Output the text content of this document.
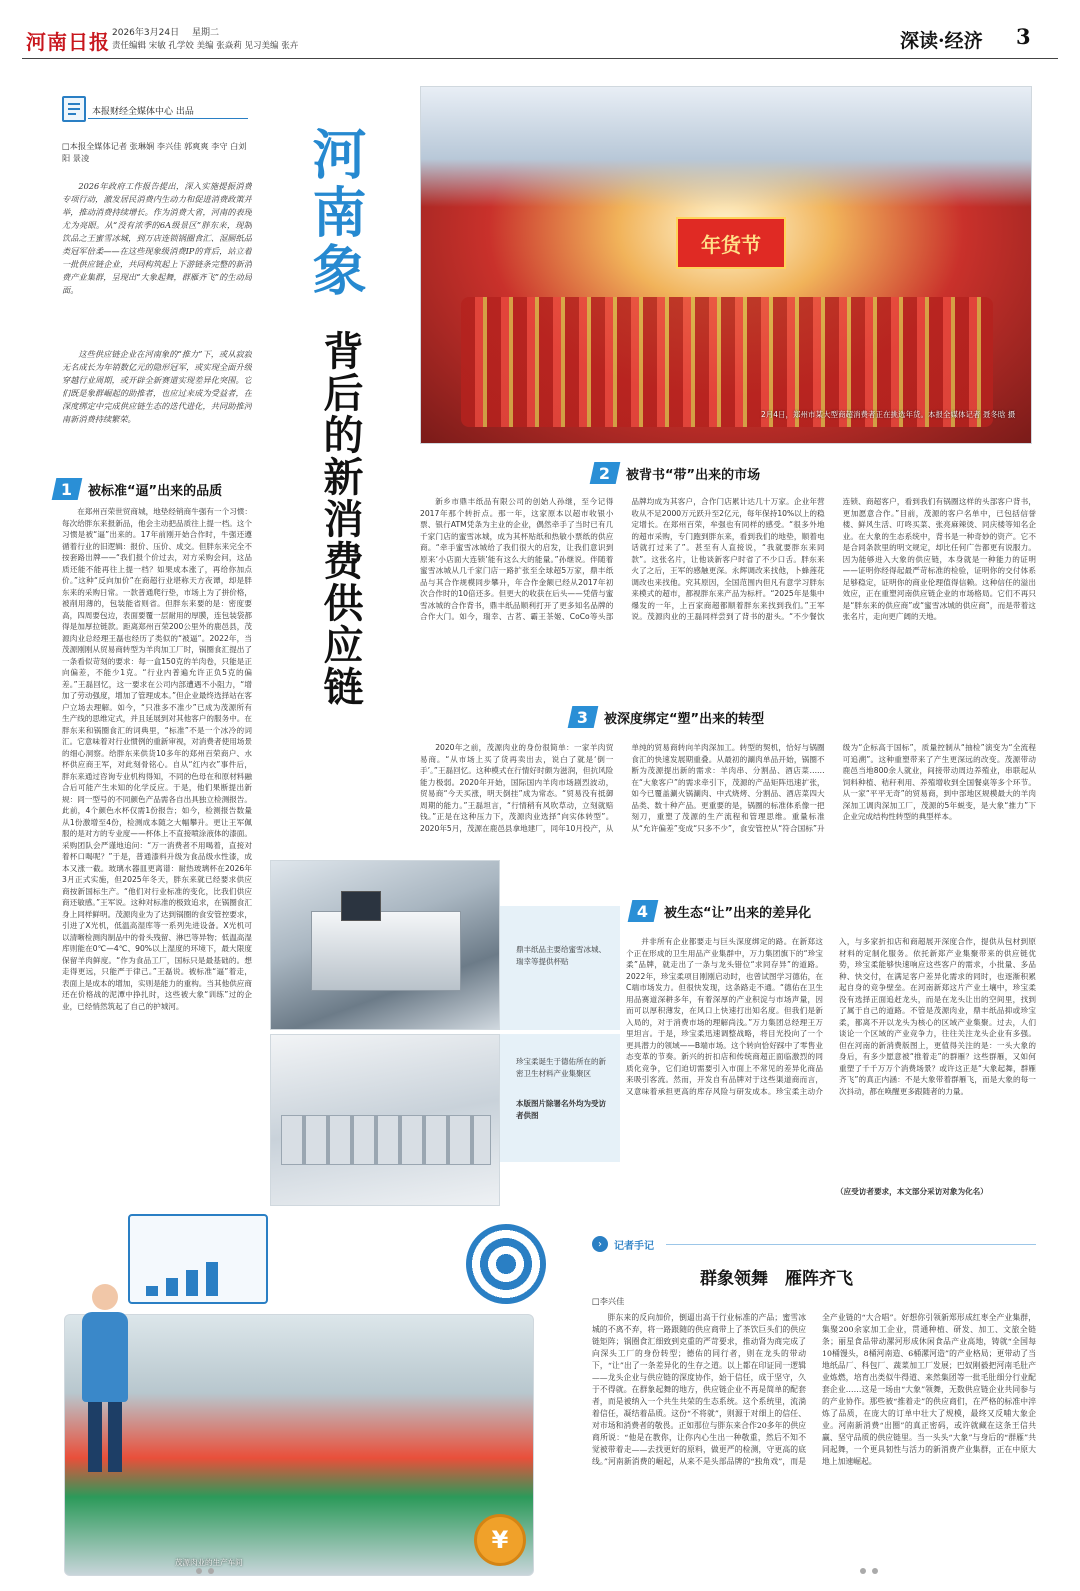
河南日报 2026年3月24日 星期二
责任编辑 宋敏 孔学姣 美编 张焱莉 见习美编 张卉	深读·经济 3
本报财经全媒体中心 出品
□本报全媒体记者 张琳娴 李兴佳 郭爽爽 李守 白刘阳 景凌
2026年政府工作报告提出，深入实施提振消费专项行动，激发居民消费内生动力和促进消费政策并举，推动消费持续增长。作为消费大省，河南的表现尤为亮眼。从“没有浓季的6A级景区”胖东来，现制饮品之王蜜雪冰城，到万店连锁锅圈食汇、湿厕纸品类冠军倍柔——在这些现象级消费IP的背后，站立着一批供应链企业，共同构筑起上下游链条完整的新消费产业集群，呈现出“大象起舞，群雁齐飞”的生动局面。
这些供应链企业在河南象的“推力”下，或从寂寂无名成长为年销数亿元的隐形冠军，或实现全面升级穿越行业周期，或开辟全新赛道实现差异化突围。它们既是象群崛起的助推者，也应过来成为受益者，在深度绑定中完成供应链生态的迭代进化，共同助推河南新消费持续繁荣。
河南象
背后的新消费供应链
年货节
2月4日，郑州市某大型商超消费者正在挑选年货。本报全媒体记者 聂冬晗 摄
1 被标准“逼”出来的品质
在郑州百荣世贸商城，地垫经销商牛强有一个习惯：每次给胖东来报新品，他会主动把品质往上提一档。这个习惯是被“逼”出来的。17年前刚开始合作时，牛强还遵循着行业的旧逻辑：报价、压价、成交。但胖东来完全不按套路出牌——“我们报个价过去，对方采购会问，这品质还能不能再往上提一档？如果成本涨了，再给你加点价。”这种“反向加价”在商超行业堪称天方夜谭，却是胖东来的采购日常。一款普通爬行垫，市场上为了拼价格，被削用薄的，包装能省则省。但胖东来要的是：密度要高，四周要包边，表面要覆一层耐用的厚膜，连包装袋都得是加厚拉链款。距离郑州百荣200公里外的鹿邑县，茂源肉业总经理王磊也经历了类似的“被逼”。2022年，当茂源刚刚从贸易商转型为羊肉加工厂时，锅圈食汇提出了一条看似苛刻的要求：每一盒150克的羊肉卷，只能是正向偏差，不能少1克。“行业内普遍允许正负5克的偏差。”王磊回忆，这一要求在公司内部遭遇不小阻力，“增加了劳动强度，增加了管理成本。”但企业最终选择站在客户立场去理解。如今，“只准多不准少”已成为茂源所有生产线的思维定式，并且延展到对其他客户的服务中。在胖东来和锅圈食汇的词典里，“标准”不是一个冰冷的词汇。它意味着对行业惯例的重新审视，对消费者使用场景的细心洞察。给胖东来供货10多年的郑州百荣商户、水杯供应商王军，对此刻骨铭心。自从“红内衣”事件后，胖东来通过咨询专业机构得知，不同的色母在和原材料融合后可能产生未知的化学反应。于是，他们果断提出新规：同一型号的不同颜色产品需各自出具独立检测报告。此前，4个颜色水杯仅需1份报告；如今，检测报告数量从1份激增至4份，检测成本随之大幅攀升。更让王军佩服的是对方的专业度——杯体上不直接喷涂液体的漆面。采购团队会严谨地追问：“万一消费者不用喝着，直接对着杯口喝呢？”于是，普通漆料升级为食品级水性漆，成本又涨一截。玻璃水器皿更离谱：耐热玻璃杯在2026年3月正式实施，但2025年冬天，胖东来就已经要求供应商按新国标生产。“他们对行业标准的变化，比我们供应商还敏感。”王军说。这种对标准的极致追求，在锅圈食汇身上同样鲜明。茂源肉业为了达到锅圈的食安管控要求，引进了X光机，低温高湿库等一系列先进设备。X光机可以清晰检测肉制品中的骨头残留、淋巴等异物；低温高湿库则能在0℃—4℃、90%以上湿度的环境下，最大限度保留羊肉鲜度。“作为食品工厂，国标只是最基础的。想走得更远，只能严于律己。”王磊说。被标准“逼”着走，表面上是成本的增加，实则是能力的重构。当其他供应商还在价格战的泥潭中挣扎时，这些被大象“训练”过的企业，已经悄然筑起了自己的护城河。
2 被背书“带”出来的市场
新乡市鼎丰纸品有限公司的创始人孙继，至今记得2017年那个转折点。那一年，这家原本以超市收银小票、银行ATM凭条为主业的企业，偶然牵手了当时已有几千家门店的蜜雪冰城，成为其杯贴纸和热敏小票纸的供应商。“牵手蜜雪冰城给了我们很大的启发，让我们意识到原来‘小店面大连锁’能有这么大的能量。”孙继说。伴随着蜜雪冰城从几千家门店一路扩张至全球超5万家，鼎丰纸品与其合作规模同步攀升，年合作金额已经从2017年初次合作时的10倍还多。但更大的收获在后头——凭借与蜜雪冰城的合作背书，鼎丰纸品顺利打开了更多知名品牌的合作大门。如今，瑞幸、古茗、霸王茶姬、CoCo等头部品牌均成为其客户，合作门店累计达几十万家。企业年营收从不足2000万元跃升至2亿元，每年保持10%以上的稳定增长。在郑州百荣，牟强也有同样的感受。“很多外地的超市采购，专门跑到胖东来，看到我们的地垫，顺着电话就打过来了”。甚至有人直接说，“我就要胖东来同款”。这张名片，让他谈新客户时省了不少口舌。胖东来火了之后，王军的感触更深。永辉调改来找他，卜蜂莲花调改也来找他。究其原因，全国范围内但凡有意学习胖东来模式的超市，都视胖东来产品为标杆。“2025年是集中爆发的一年，上百家商超都顺着胖东来找到我们。”王军说。茂源肉业的王磊同样尝到了背书的甜头。“不少餐饮连锁、商超客户，看到我们有锅圈这样的头部客户背书，更加愿意合作。”目前，茂源的客户名单中，已包括信誉楼、鲜风生活、叮咚买菜、张亮麻辣烫、同庆楼等知名企业。在大象的生态系统中，背书是一种奇妙的资产。它不是合同条款里的明文规定，却比任何广告都更有说服力。因为能够进入大象的供应链，本身就是一种能力的证明——证明你经得起最严苛标准的检验，证明你的交付体系足够稳定，证明你的商业伦理值得信赖。这种信任的溢出效应，正在重塑河南供应链企业的市场格局。它们不再只是“胖东来的供应商”或“蜜雪冰城的供应商”，而是带着这张名片，走向更广阔的天地。
3 被深度绑定“塑”出来的转型
2020年之前，茂源肉业的身份很简单：一家羊肉贸易商。“从市场上买了货再卖出去，说白了就是‘倒一手’。”王磊回忆。这种模式在行情好时颇为滋润，但抗风险能力极弱。2020年开始，国际国内羊肉市场剧烈波动，贸易商“今天买涨，明天倒挂”成为常态。“贸易没有抵御周期的能力。”王磊坦言，“行情稍有风吹草动，立刻就赔钱。”正是在这种压力下，茂源肉业选择“向实体转型”。2020年5月，茂源在鹿邑县拿地建厂，同年10月投产，从单纯的贸易商转向羊肉深加工。转型的契机，恰好与锅圈食汇的快速发展期重叠。从最初的涮肉单品开始，锅圈不断为茂源提出新的需求：羊肉串、分割品、酒店菜……在“大象客户”的需求牵引下，茂源的产品矩阵迅速扩张，如今已覆盖涮火锅涮肉、中式烧烤、分割品、酒店菜四大品类、数十种产品。更重要的是，锅圈的标准体系像一把刻刀，重塑了茂源的生产流程和管理思维。重量标准从“允许偏差”变成“只多不少”，食安管控从“符合国标”升级为“企标高于国标”，质量控制从“抽检”演变为“全流程可追溯”。这种重塑带来了产生更深远的改变。茂源带动鹿邑当地800余人就业，间接带动周边养殖业，串联起从饲料种植、秸秆利用、养殖增收到全国餐桌等多个环节。从一家“平平无奇”的贸易商，到中部地区规模最大的羊肉深加工调肉深加工厂，茂源的5年蜕变，是大象“推力”下企业完成结构性转型的典型样本。
4 被生态“让”出来的差异化
并非所有企业都要走与巨头深度绑定的路。在新郑这个正在形成的卫生用品产业集群中，万力集团旗下的“珍宝柔”品牌，就走出了一条与龙头错位“求同存异”的道路。2022年，珍宝柔项目刚刚启动时，也曾试图学习德佑，在C端市场发力。但很快发现，这条路走不通。“德佑在卫生用品赛道深耕多年，有着深厚的产业积淀与市场声量，因而可以厚积薄发，在风口上快速打出知名度。但我们是新入局的，对于消费市场的理解尚浅。”万力集团总经理王万里坦言。于是，珍宝柔迅速调整战略，将目光投向了一个更具潜力的领域——B端市场。这个转向恰好踩中了零售业态变革的节奏。新兴的折扣店和传统商超正面临激烈的同质化竞争，它们迫切需要引入市面上不常见的差异化商品来吸引客流。然而，开发自有品牌对于这些渠道商而言，又意味着承担更高的库存风险与研发成本。珍宝柔主动介入，与多家折扣店和商超展开深度合作，提供从包材到原材料的定制化服务。依托新郑产业集聚带来的供应链优势，珍宝柔能够快速响应这些客户的需求，小批量、多品种、快交付，在满足客户差异化需求的同时，也逐渐积累起自身的竞争壁垒。在河南新郑这片产业土壤中，珍宝柔没有选择正面追赶龙头，而是在龙头让出的空间里，找到了属于自己的道路。不管是茂源肉业，鼎丰纸品抑或珍宝柔，都离不开以龙头为核心的区域产业集聚。过去，人们谈论一个区域的产业竞争力，往往关注龙头企业有多强。但在河南的新消费版图上，更值得关注的是：一头大象的身后，有多少愿意被“推着走”的群雁？这些群雁，又如何重塑了千千万万个消费场景？或许这正是“大象起舞，群雁齐飞”的真正内涵：不是大象带着群雁飞，而是大象的每一次抖动，都在唤醒更多跟随者的力量。
（应受访者要求，本文部分采访对象为化名）
鼎丰纸品主要给蜜雪冰城、瑞幸等提供杯贴
珍宝柔诞生于德佑所在的新密卫生材料产业集聚区
本版图片除署名外均为受访者供图
茂源肉业的生产车间
¥
›	记者手记
群象领舞　雁阵齐飞
□李兴佳
胖东来的反向加价，倒逼出高于行业标准的产品；蜜雪冰城的不离不弃，将一路跟随的供应商带上了茶饮巨头们的供应链矩阵；锅圈食汇细致到克重的严苛要求，推动肾为商完成了向深头工厂的身份转型；德佑的同行者，则在龙头的带动下，“让”出了一条差异化的生存之道。以上都在印证同一逻辑——龙头企业与供应链的深度协作，始于信任，成于坚守，久于不得就。在群象起舞的地方，供应链企业不再是简单的配套者，而是被纳入一个共生共荣的生态系统。这个系统里，流淌着信任，凝结着品质。这份“不将就”，则源于对细上的信任、对市场和消费者的敬畏。正如那位与胖东来合作20多年的供应商所说：“他是在教你，让你内心生出一种敬重，然后不知不觉被带着走——去找更好的原料，做更严的检测，守更高的底线。”河南新消费的崛起，从来不是头部品牌的“独角戏”，而是全产业链的“大合唱”。好想你引领新郑形成红枣全产业集群，集聚200余家加工企业，贯通种植、研发、加工、文旅全链条；丽星食品带动漯河形成休闲食品产业高地，铸就“全国每10桶馒头，8桶河南造、6桶漯河造”的产业格局；更带动了当地纸品厂、科包厂、蔬菜加工厂发展；巴奴刚毅把河南毛肚产业炼燃，培育出类似牛得道、来然集团等一批毛肚细分行业配套企业……这是一场由“大象”领舞，无数供应链企业共同参与的产业协作。那些被“推着走”的供应商们，在严格的标准中淬炼了品质，在庞大的订单中壮大了规模，最终又反哺大象企业。河南新消费“出圈”的真正密码，或许就藏在这条王信共赢、坚守品质的供应链里。当一头头“大象”与身后的“群雁”共同起舞，一个更具韧性与活力的新消费产业集群，正在中原大地上加速崛起。
